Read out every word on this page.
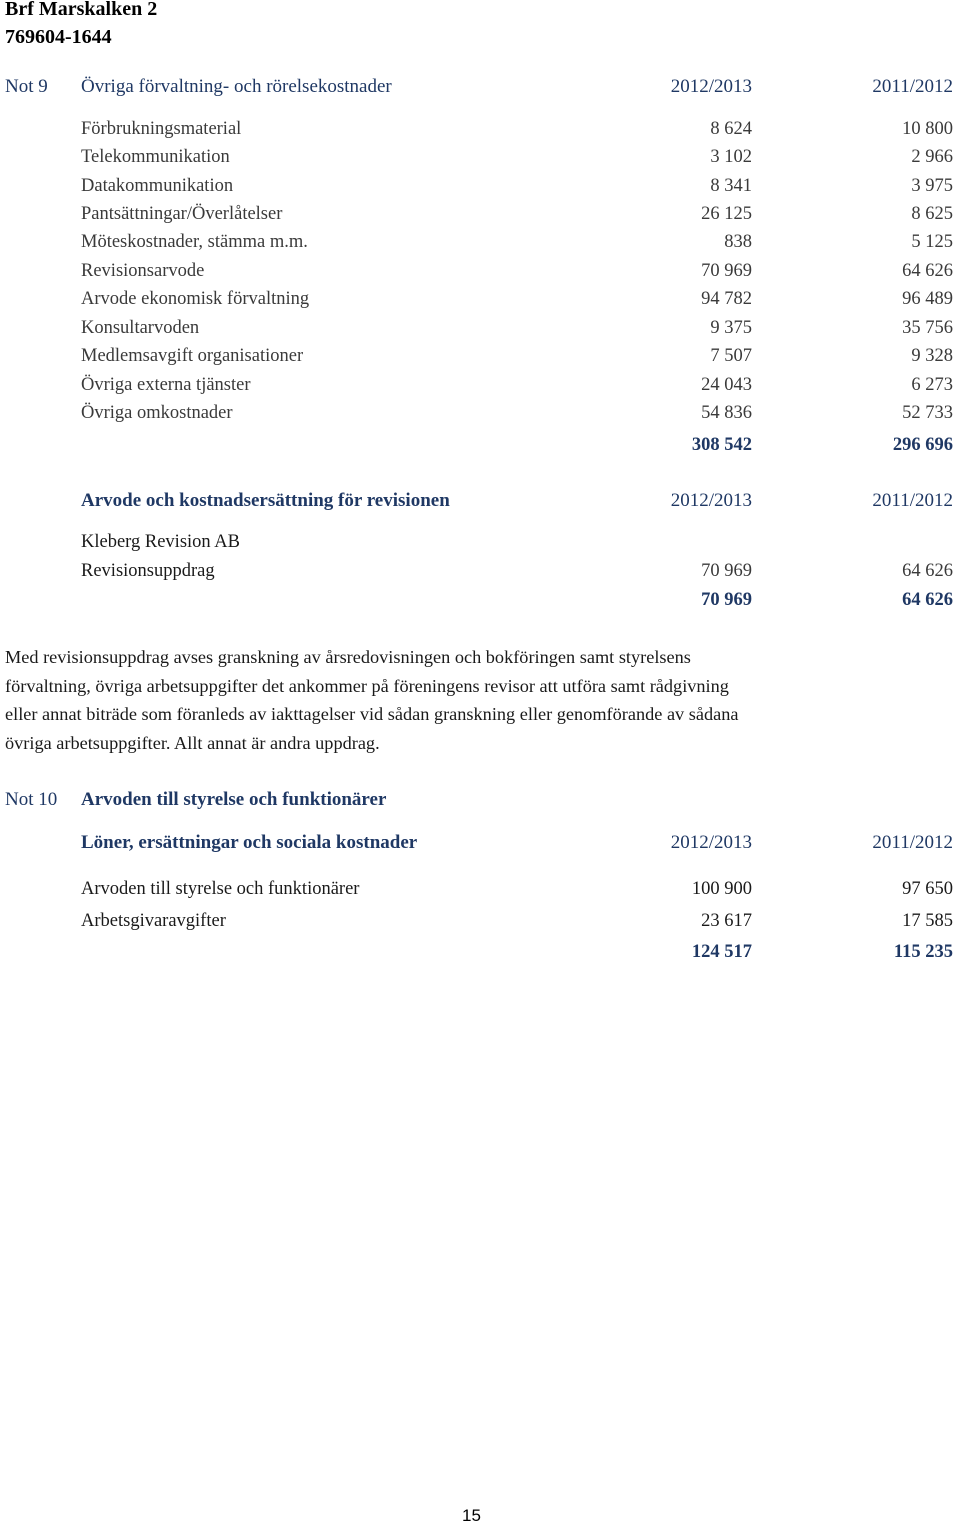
Brf Marskalken 2
769604-1644
Not 9 Övriga förvaltning- och rörelsekostnader	2012/2013	2011/2012
Förbrukningsmaterial	8 624	10 800
Telekommunikation	3 102	2 966
Datakommunikation	8 341	3 975
Pantsättningar/Överlåtelser	26 125	8 625
Möteskostnader, stämma m.m.	838	5 125
Revisionsarvode	70 969	64 626
Arvode ekonomisk förvaltning	94 782	96 489
Konsultarvoden	9 375	35 756
Medlemsavgift organisationer	7 507	9 328
Övriga externa tjänster	24 043	6 273
Övriga omkostnader	54 836	52 733
308 542	296 696
Arvode och kostnadsersättning för revisionen	2012/2013	2011/2012
Kleberg Revision AB
Revisionsuppdrag	70 969	64 626
70 969	64 626
Med revisionsuppdrag avses granskning av årsredovisningen och bokföringen samt styrelsens
förvaltning, övriga arbetsuppgifter det ankommer på föreningens revisor att utföra samt rådgivning
eller annat biträde som föranleds av iakttagelser vid sådan granskning eller genomförande av sådana
övriga arbetsuppgifter. Allt annat är andra uppdrag.
Not 10 Arvoden till styrelse och funktionärer
Löner, ersättningar och sociala kostnader	2012/2013	2011/2012
Arvoden till styrelse och funktionärer	100 900	97 650
Arbetsgivaravgifter	23 617	17 585
124 517	115 235
15
